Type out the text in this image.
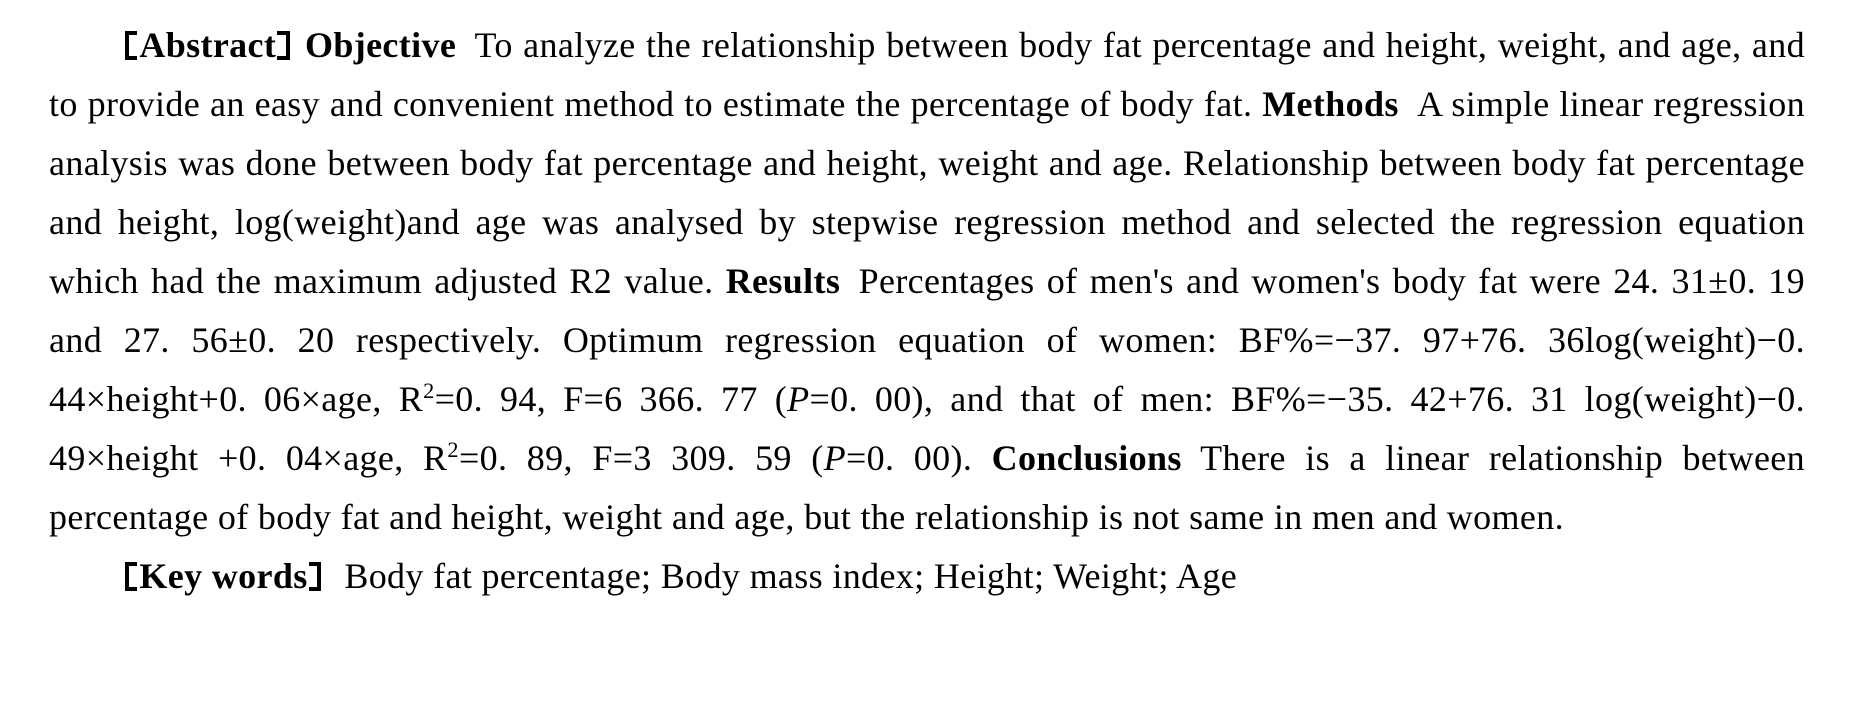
Abstract Objective To analyze the relationship between body fat percentage and height, weight, and age, and to provide an easy and convenient method to estimate the percentage of body fat. Methods A simple linear regression analysis was done between body fat percentage and height, weight and age. Relationship between body fat percentage and height, log(weight)and age was analysed by stepwise regression method and selected the regression equation which had the maximum adjusted R2 value. Results Percentages of men's and women's body fat were 24. 31±0. 19 and 27. 56±0. 20 respectively. Optimum regression equation of women: BF%=−37. 97+76. 36log(weight)−0. 44×height+0. 06×age, $R^2=0$. 94, F=6 366. 77 (P=0. 00), and that of men: BF%=−35. 42+76. 31 log(weight)−0. 49×height +0. 04×age, $R^2=0$. 89, F=3 309. 59 (P=0. 00). Conclusions There is a linear relationship between percentage of body fat and height, weight and age, but the relationship is not same in men and women.

Key words Body fat percentage; Body mass index; Height; Weight; Age
